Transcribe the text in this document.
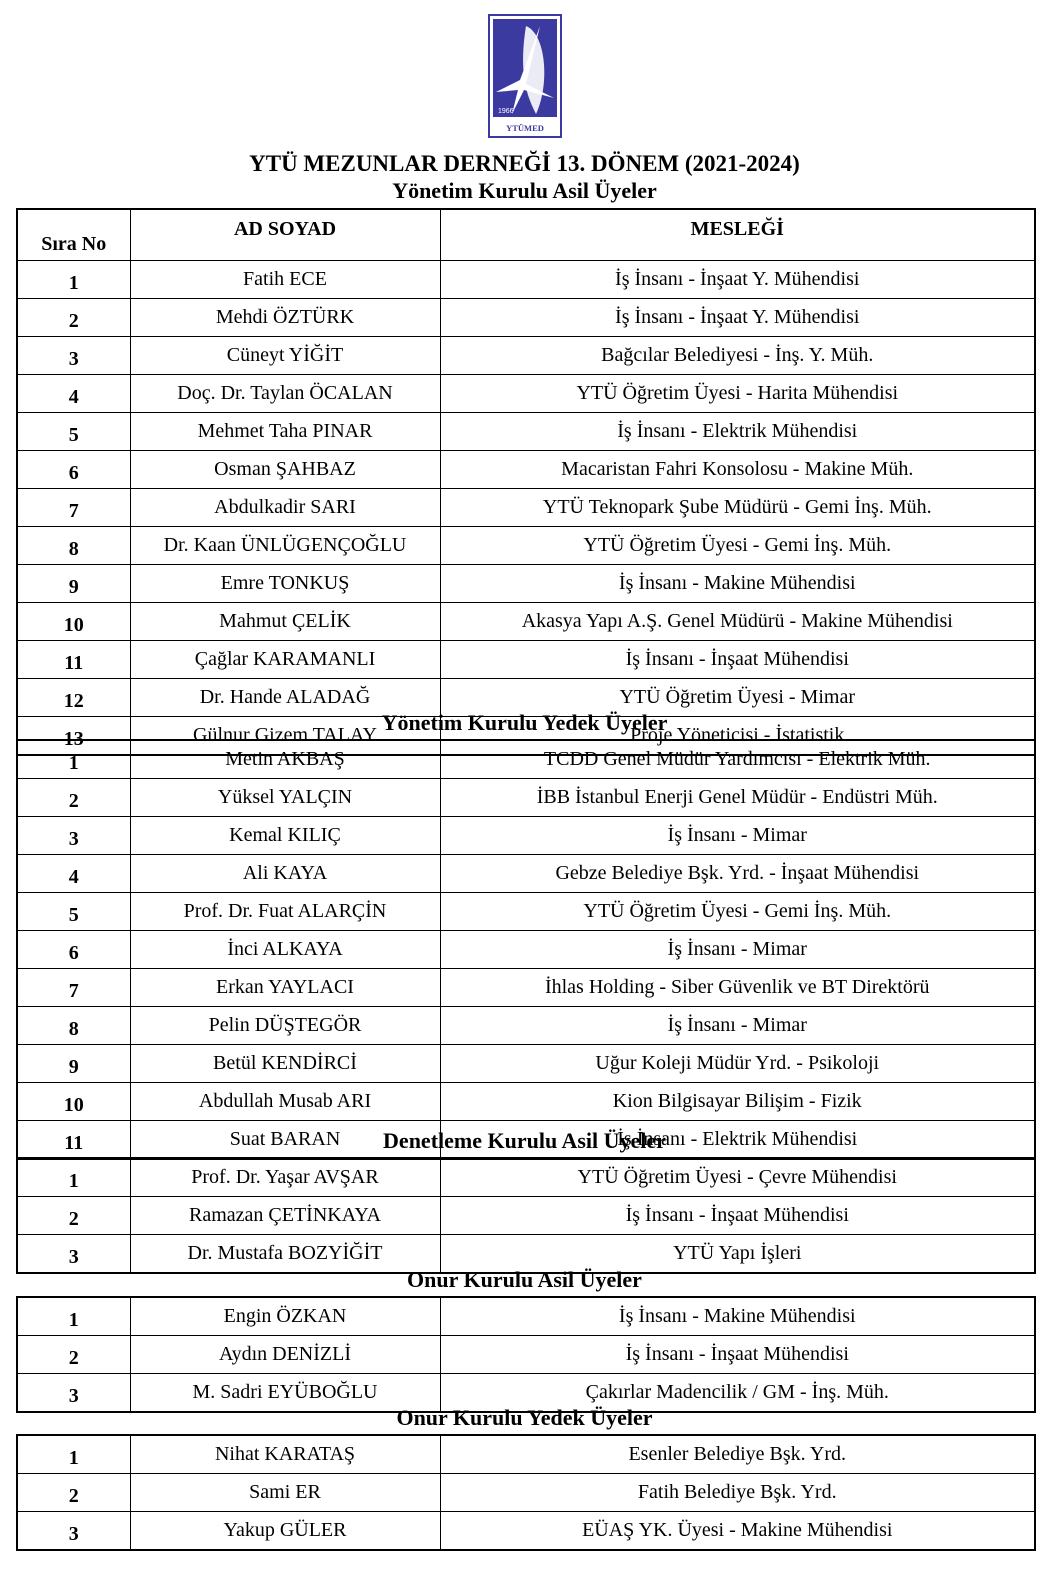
1966
YTÜMED
YTÜ MEZUNLAR DERNEĞİ 13. DÖNEM (2021-2024)
Yönetim Kurulu Asil Üyeler
Sıra No	AD SOYAD	MESLEĞİ
1	Fatih ECE	İş İnsanı - İnşaat Y. Mühendisi
2	Mehdi ÖZTÜRK	İş İnsanı - İnşaat Y. Mühendisi
3	Cüneyt YİĞİT	Bağcılar Belediyesi - İnş. Y. Müh.
4	Doç. Dr. Taylan ÖCALAN	YTÜ Öğretim Üyesi - Harita Mühendisi
5	Mehmet Taha PINAR	İş İnsanı - Elektrik Mühendisi
6	Osman ŞAHBAZ	Macaristan Fahri Konsolosu - Makine Müh.
7	Abdulkadir SARI	YTÜ Teknopark Şube Müdürü - Gemi İnş. Müh.
8	Dr. Kaan ÜNLÜGENÇOĞLU	YTÜ Öğretim Üyesi - Gemi İnş. Müh.
9	Emre TONKUŞ	İş İnsanı - Makine Mühendisi
10	Mahmut ÇELİK	Akasya Yapı A.Ş. Genel Müdürü - Makine Mühendisi
11	Çağlar KARAMANLI	İş İnsanı - İnşaat Mühendisi
12	Dr. Hande ALADAĞ	YTÜ Öğretim Üyesi - Mimar
13	Gülnur Gizem TALAY	Proje Yöneticisi - İstatistik
Yönetim Kurulu Yedek Üyeler
1	Metin AKBAŞ	TCDD Genel Müdür Yardımcısı - Elektrik Müh.
2	Yüksel YALÇIN	İBB İstanbul Enerji Genel Müdür - Endüstri Müh.
3	Kemal KILIÇ	İş İnsanı - Mimar
4	Ali KAYA	Gebze Belediye Bşk. Yrd. - İnşaat Mühendisi
5	Prof. Dr. Fuat ALARÇİN	YTÜ Öğretim Üyesi - Gemi İnş. Müh.
6	İnci ALKAYA	İş İnsanı - Mimar
7	Erkan YAYLACI	İhlas Holding - Siber Güvenlik ve BT Direktörü
8	Pelin DÜŞTEGÖR	İş İnsanı - Mimar
9	Betül KENDİRCİ	Uğur Koleji Müdür Yrd. - Psikoloji
10	Abdullah Musab ARI	Kion Bilgisayar Bilişim - Fizik
11	Suat BARAN	İş İnsanı - Elektrik Mühendisi
Denetleme Kurulu Asil Üyeler
1	Prof. Dr. Yaşar AVŞAR	YTÜ Öğretim Üyesi - Çevre Mühendisi
2	Ramazan ÇETİNKAYA	İş İnsanı - İnşaat Mühendisi
3	Dr. Mustafa BOZYİĞİT	YTÜ Yapı İşleri
Onur Kurulu Asil Üyeler
1	Engin ÖZKAN	İş İnsanı - Makine Mühendisi
2	Aydın DENİZLİ	İş İnsanı - İnşaat Mühendisi
3	M. Sadri EYÜBOĞLU	Çakırlar Madencilik / GM - İnş. Müh.
Onur Kurulu Yedek Üyeler
1	Nihat KARATAŞ	Esenler Belediye Bşk. Yrd.
2	Sami ER	Fatih Belediye Bşk. Yrd.
3	Yakup GÜLER	EÜAŞ YK. Üyesi - Makine Mühendisi
